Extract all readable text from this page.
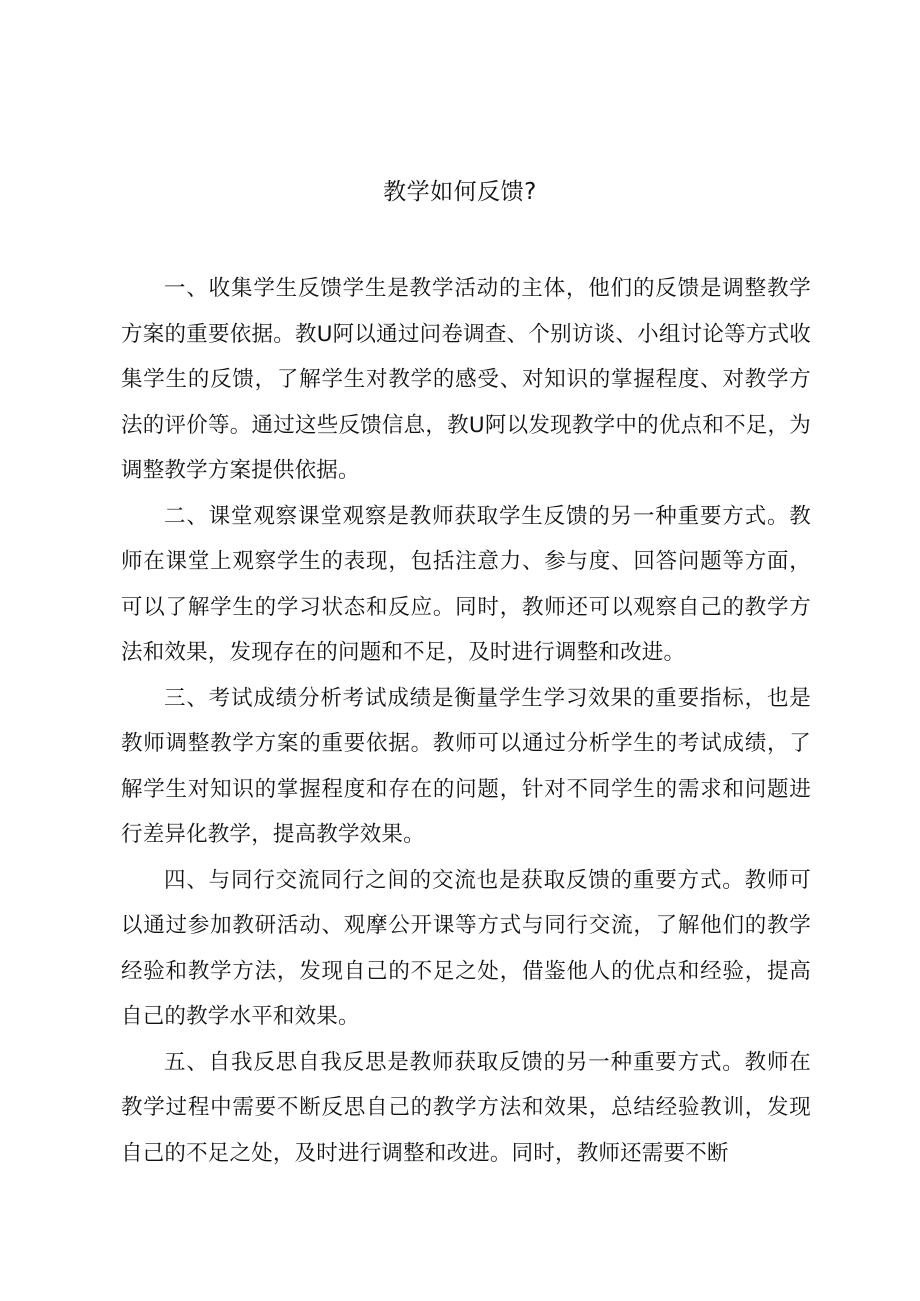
教学如何反馈?

一、收集学生反馈学生是教学活动的主体，他们的反馈是调整教学方案的重要依据。教U阿以通过问卷调查、个别访谈、小组讨论等方式收集学生的反馈，了解学生对教学的感受、对知识的掌握程度、对教学方法的评价等。通过这些反馈信息，教U阿以发现教学中的优点和不足，为调整教学方案提供依据。

二、课堂观察课堂观察是教师获取学生反馈的另一种重要方式。教师在课堂上观察学生的表现，包括注意力、参与度、回答问题等方面，可以了解学生的学习状态和反应。同时，教师还可以观察自己的教学方法和效果，发现存在的问题和不足，及时进行调整和改进。

三、考试成绩分析考试成绩是衡量学生学习效果的重要指标，也是教师调整教学方案的重要依据。教师可以通过分析学生的考试成绩，了解学生对知识的掌握程度和存在的问题，针对不同学生的需求和问题进行差异化教学，提高教学效果。

四、与同行交流同行之间的交流也是获取反馈的重要方式。教师可以通过参加教研活动、观摩公开课等方式与同行交流，了解他们的教学经验和教学方法，发现自己的不足之处，借鉴他人的优点和经验，提高自己的教学水平和效果。

五、自我反思自我反思是教师获取反馈的另一种重要方式。教师在教学过程中需要不断反思自己的教学方法和效果，总结经验教训，发现自己的不足之处，及时进行调整和改进。同时，教师还需要不断
